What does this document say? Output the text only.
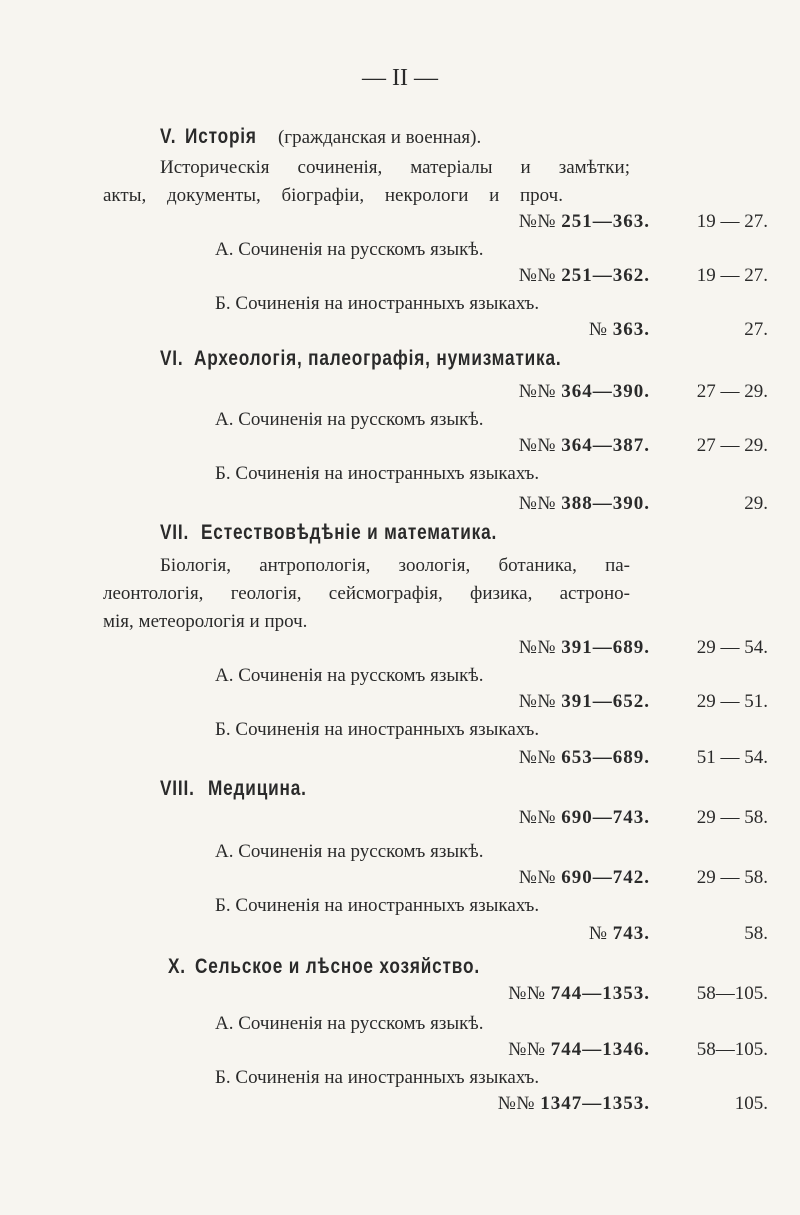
— II —
V. Исторія (гражданская и военная).
Историческія сочиненія, матеріалы и замѣтки;
акты, документы, біографіи, некрологи и проч.
№№ 251—363. 19 — 27.
А. Сочиненія на русскомъ языкѣ.
№№ 251—362. 19 — 27.
Б. Сочиненія на иностранныхъ языкахъ.
№ 363.	27.
VI. Археологія, палеографія, нумизматика.
№№ 364—390. 27 — 29.
А. Сочиненія на русскомъ языкѣ.
№№ 364—387. 27 — 29.
Б. Сочиненія на иностранныхъ языкахъ.
№№ 388—390.	29.
VII. Естествовѣдѣніе и математика.
Біологія, антропологія, зоологія, ботаника, па-
леонтологія, геологія, сейсмографія, физика, астроно-
мія, метеорологія и проч.
№№ 391—689. 29 — 54.
А. Сочиненія на русскомъ языкѣ.
№№ 391—652. 29 — 51.
Б. Сочиненія на иностранныхъ языкахъ.
№№ 653—689. 51 — 54.
VIII. Медицина.
№№ 690—743. 29 — 58.
А. Сочиненія на русскомъ языкѣ.
№№ 690—742. 29 — 58.
Б. Сочиненія на иностранныхъ языкахъ.
№ 743.	58.
X. Сельское и лѣсное хозяйство.
№№ 744—1353. 58—105.
А. Сочиненія на русскомъ языкѣ.
№№ 744—1346. 58—105.
Б. Сочиненія на иностранныхъ языкахъ.
№№ 1347—1353.	105.
